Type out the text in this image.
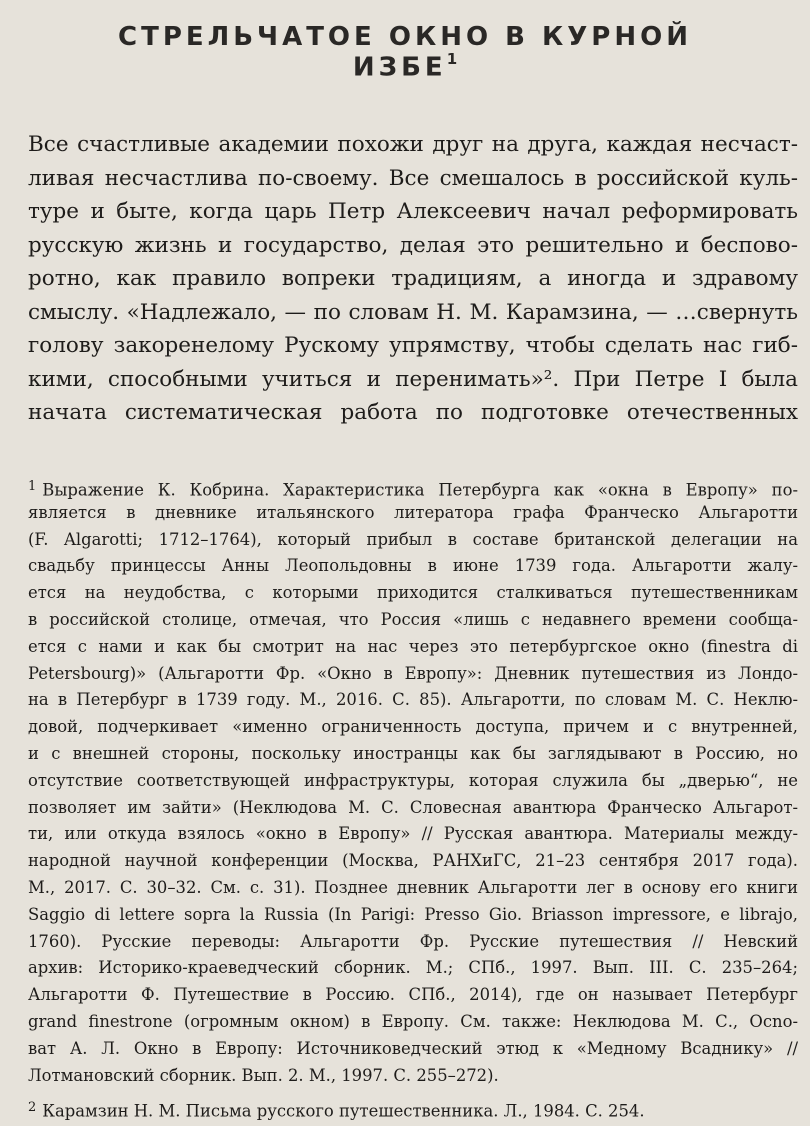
СТРЕЛЬЧАТОЕ ОКНО В КУРНОЙ ИЗБЕ$^1$
Все счастливые академии похожи друг на друга, каждая несчаст-
ливая несчастлива по-своему. Все смешалось в российской куль-
туре и быте, когда царь Петр Алексеевич начал реформировать
русскую жизнь и государство, делая это решительно и беспово-
ротно, как правило вопреки традициям, а иногда и здравому
смыслу. «Надлежало, — по словам Н. М. Карамзина, — …свернуть
голову закоренелому Рускому упрямству, чтобы сделать нас гиб-
кими, способными учиться и перенимать»². При Петре I была
начата систематическая работа по подготовке отечественных
$^1$ Выражение К. Кобрина. Характеристика Петербурга как «окна в Европу» по-
является в дневнике итальянского литератора графа Франческо Альгаротти
(F. Algarotti; 1712–1764), который прибыл в составе британской делегации на
свадьбу принцессы Анны Леопольдовны в июне 1739 года. Альгаротти жалу-
ется на неудобства, с которыми приходится сталкиваться путешественникам
в российской столице, отмечая, что Россия «лишь с недавнего времени сообща-
ется с нами и как бы смотрит на нас через это петербургское окно (finestra di
Petersbourg)» (Альгаротти Фр. «Окно в Европу»: Дневник путешествия из Лондо-
на в Петербург в 1739 году. М., 2016. С. 85). Альгаротти, по словам М. С. Неклю-
довой, подчеркивает «именно ограниченность доступа, причем и с внутренней,
и с внешней стороны, поскольку иностранцы как бы заглядывают в Россию, но
отсутствие соответствующей инфраструктуры, которая служила бы „дверью“, не
позволяет им зайти» (Неклюдова М. С. Словесная авантюра Франческо Альгарот-
ти, или откуда взялось «окно в Европу» // Русская авантюра. Материалы между-
народной научной конференции (Москва, РАНХиГС, 21–23 сентября 2017 года).
М., 2017. С. 30–32. См. с. 31). Позднее дневник Альгаротти лег в основу его книги
Saggio di lettere sopra la Russia (In Parigi: Presso Gio. Briasson impressore, e librajo,
1760). Русские переводы: Альгаротти Фр. Русские путешествия // Невский
архив: Историко-краеведческий сборник. М.; СПб., 1997. Вып. III. С. 235–264;
Альгаротти Ф. Путешествие в Россию. СПб., 2014), где он называет Петербург
grand finestrone (огромным окном) в Европу. См. также: Неклюдова М. С., Осno-
ват А. Л. Окно в Европу: Источниковедческий этюд к «Медному Всаднику» //
Лотмановский сборник. Вып. 2. М., 1997. С. 255–272).
$^2$ Карамзин Н. М. Письма русского путешественника. Л., 1984. С. 254.
